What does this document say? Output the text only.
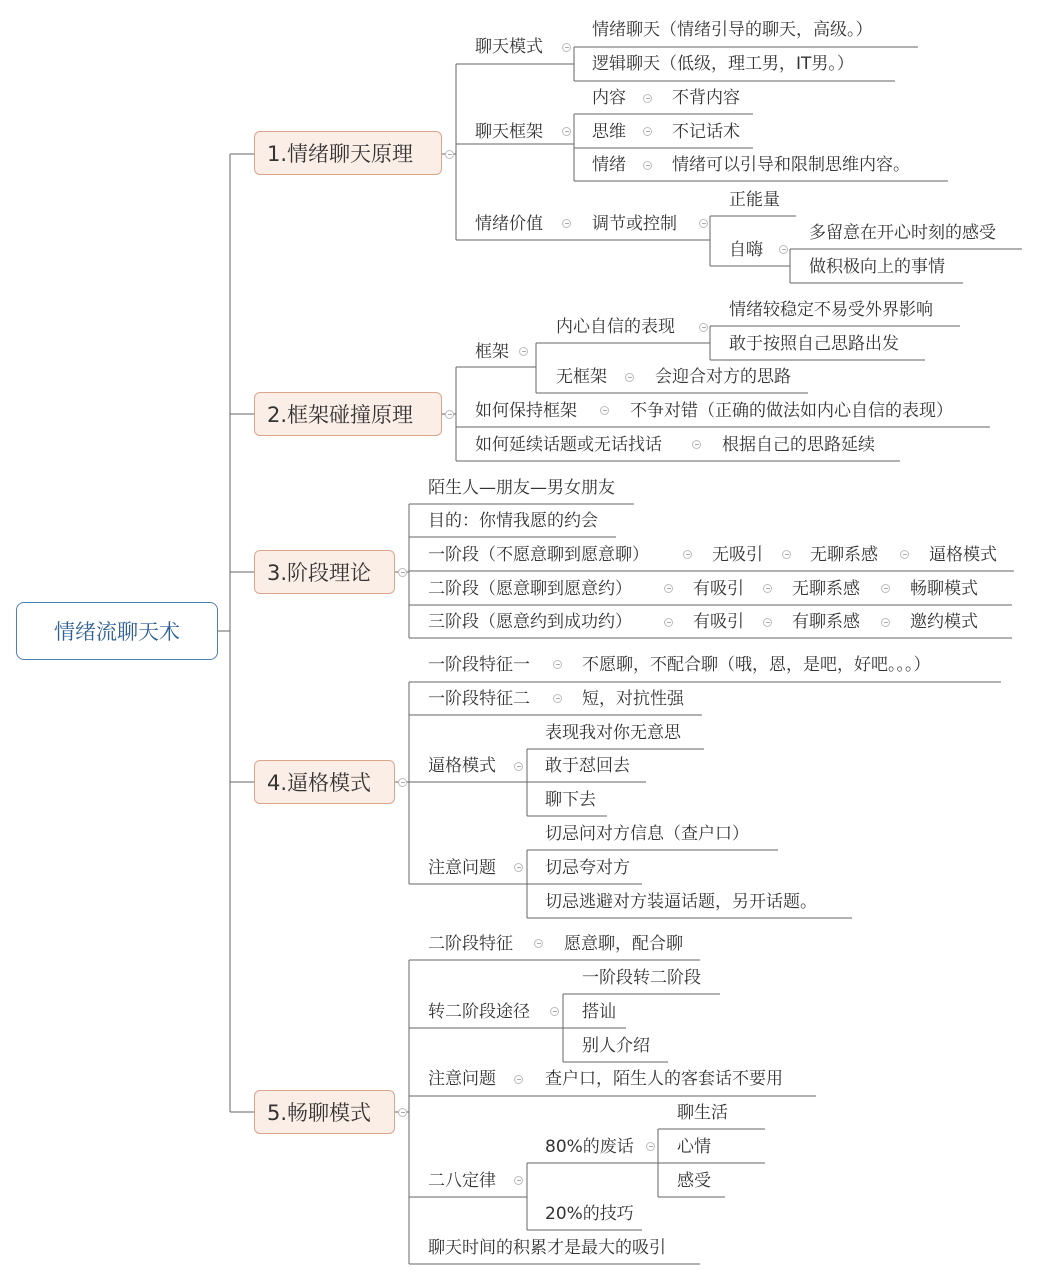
情绪流聊天术
1.情绪聊天原理
2.框架碰撞原理
3.阶段理论
4.逼格模式
5.畅聊模式
聊天模式
情绪聊天（情绪引导的聊天，高级。）
逻辑聊天（低级，理工男，IT男。）
聊天框架
内容	不背内容
思维	不记话术
情绪	情绪可以引导和限制思维内容。
情绪价值	调节或控制
正能量
自嗨
多留意在开心时刻的感受
做积极向上的事情
框架
内心自信的表现
情绪较稳定不易受外界影响
敢于按照自己思路出发
无框架	会迎合对方的思路
如何保持框架	不争对错（正确的做法如内心自信的表现）
如何延续话题或无话找话	根据自己的思路延续
陌生人—朋友—男女朋友
目的：你情我愿的约会
一阶段（不愿意聊到愿意聊）	无吸引	无聊系感	逼格模式
二阶段（愿意聊到愿意约）	有吸引	无聊系感	畅聊模式
三阶段（愿意约到成功约）	有吸引	有聊系感	邀约模式
一阶段特征一	不愿聊，不配合聊（哦，恩，是吧，好吧。。。）
一阶段特征二	短，对抗性强
逼格模式
表现我对你无意思
敢于怼回去
聊下去
注意问题
切忌问对方信息（查户口）
切忌夸对方
切忌逃避对方装逼话题，另开话题。
二阶段特征	愿意聊，配合聊
转二阶段途径
一阶段转二阶段
搭讪
别人介绍
注意问题	查户口，陌生人的客套话不要用
二八定律
80%的废话
聊生活
心情
感受
20%的技巧
聊天时间的积累才是最大的吸引
